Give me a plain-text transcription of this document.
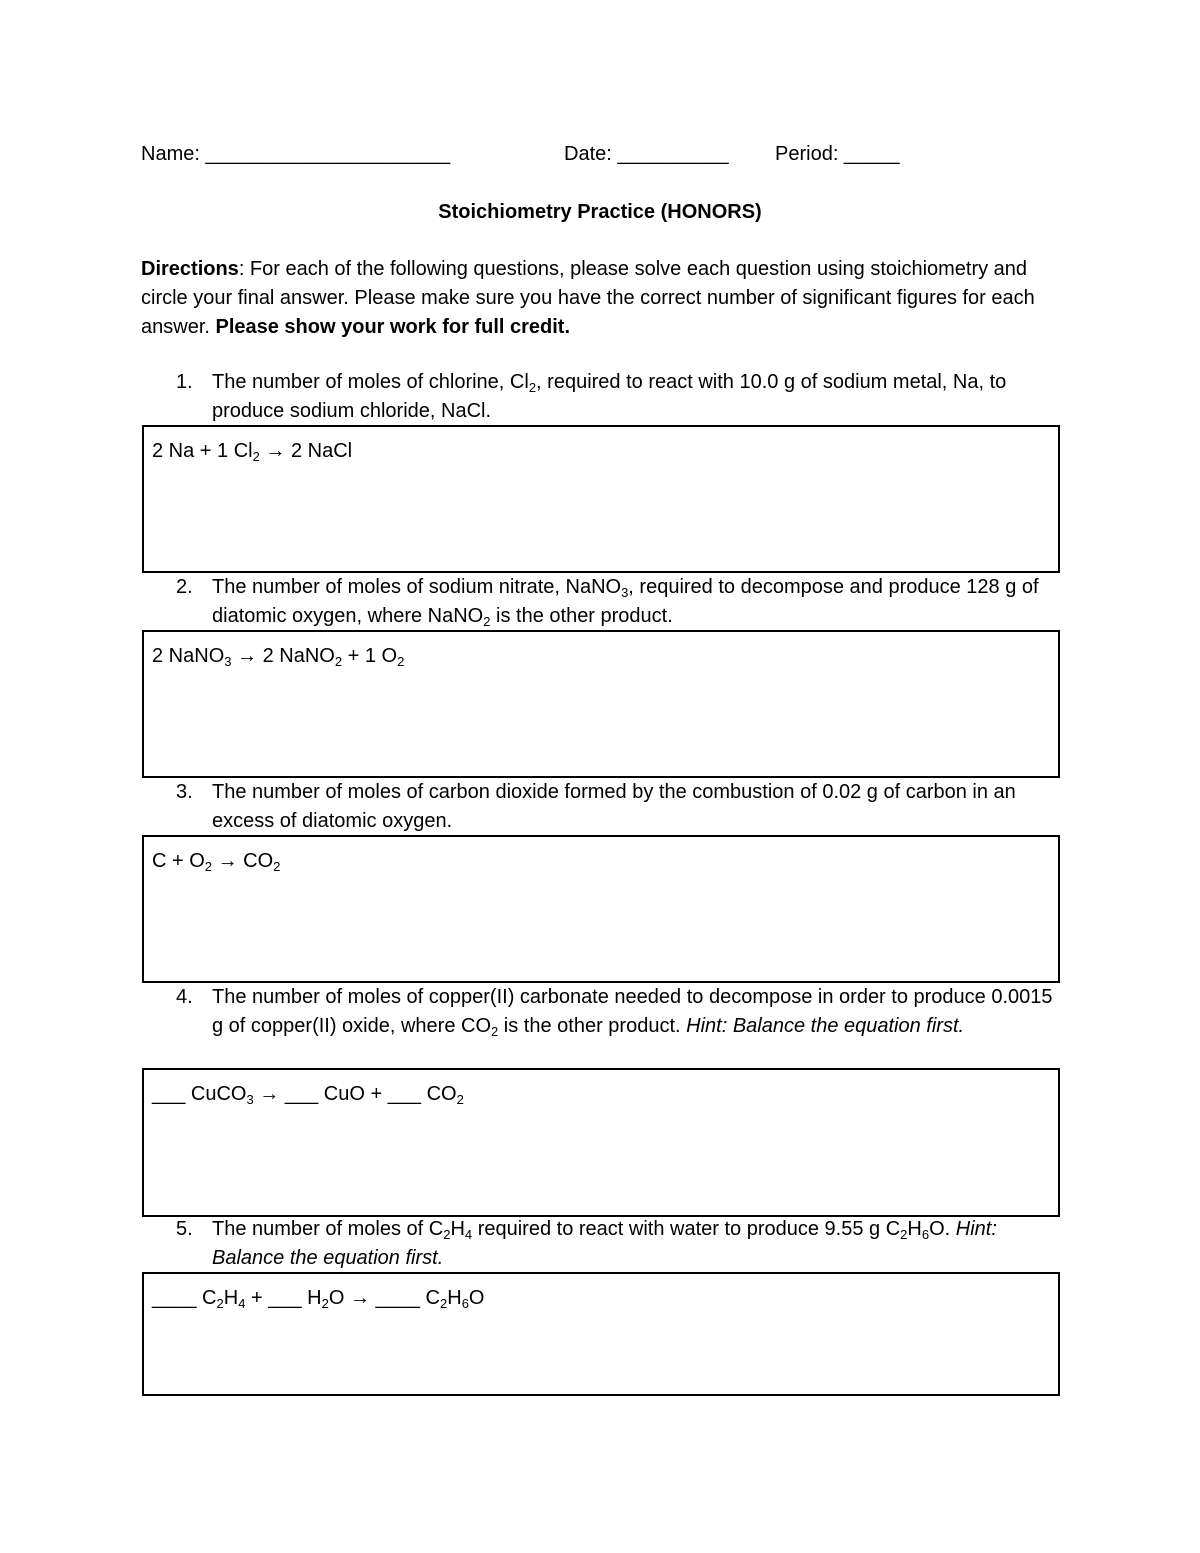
Name: ______________________	Date: __________ Period: _____
Stoichiometry Practice (HONORS)
Directions: For each of the following questions, please solve each question using stoichiometry and circle your final answer. Please make sure you have the correct number of significant figures for each answer. Please show your work for full credit.
1. The number of moles of chlorine, $Cl_2$, required to react with 10.0 g of sodium metal, Na, to produce sodium chloride, NaCl.
2 Na + 1 $Cl_2 \to 2$ NaCl
2. The number of moles of sodium nitrate, NaNO$_3$, required to decompose and produce 128 g of diatomic oxygen, where NaNO$_2$ is the other product.
2 NaNO$_3$ → 2 NaNO$_2$ + 1 $O_2$
3. The number of moles of carbon dioxide formed by the combustion of 0.02 g of carbon in an excess of diatomic oxygen.
$C + O_2 \to CO_2$
4. The number of moles of copper(II) carbonate needed to decompose in order to produce 0.0015 g of copper(II) oxide, where $CO_2$ is the other product. Hint: Balance the equation first.
___ CuCO$_3$ → ___ CuO + ___ $CO_2$
5. The number of moles of $C_2H_4$ required to react with water to produce 9.55 g $C_2H_6O$. Hint: Balance the equation first.
____ $C_2H_4$ + ___ $H_2O$ → ____ $C_2H_6O$
